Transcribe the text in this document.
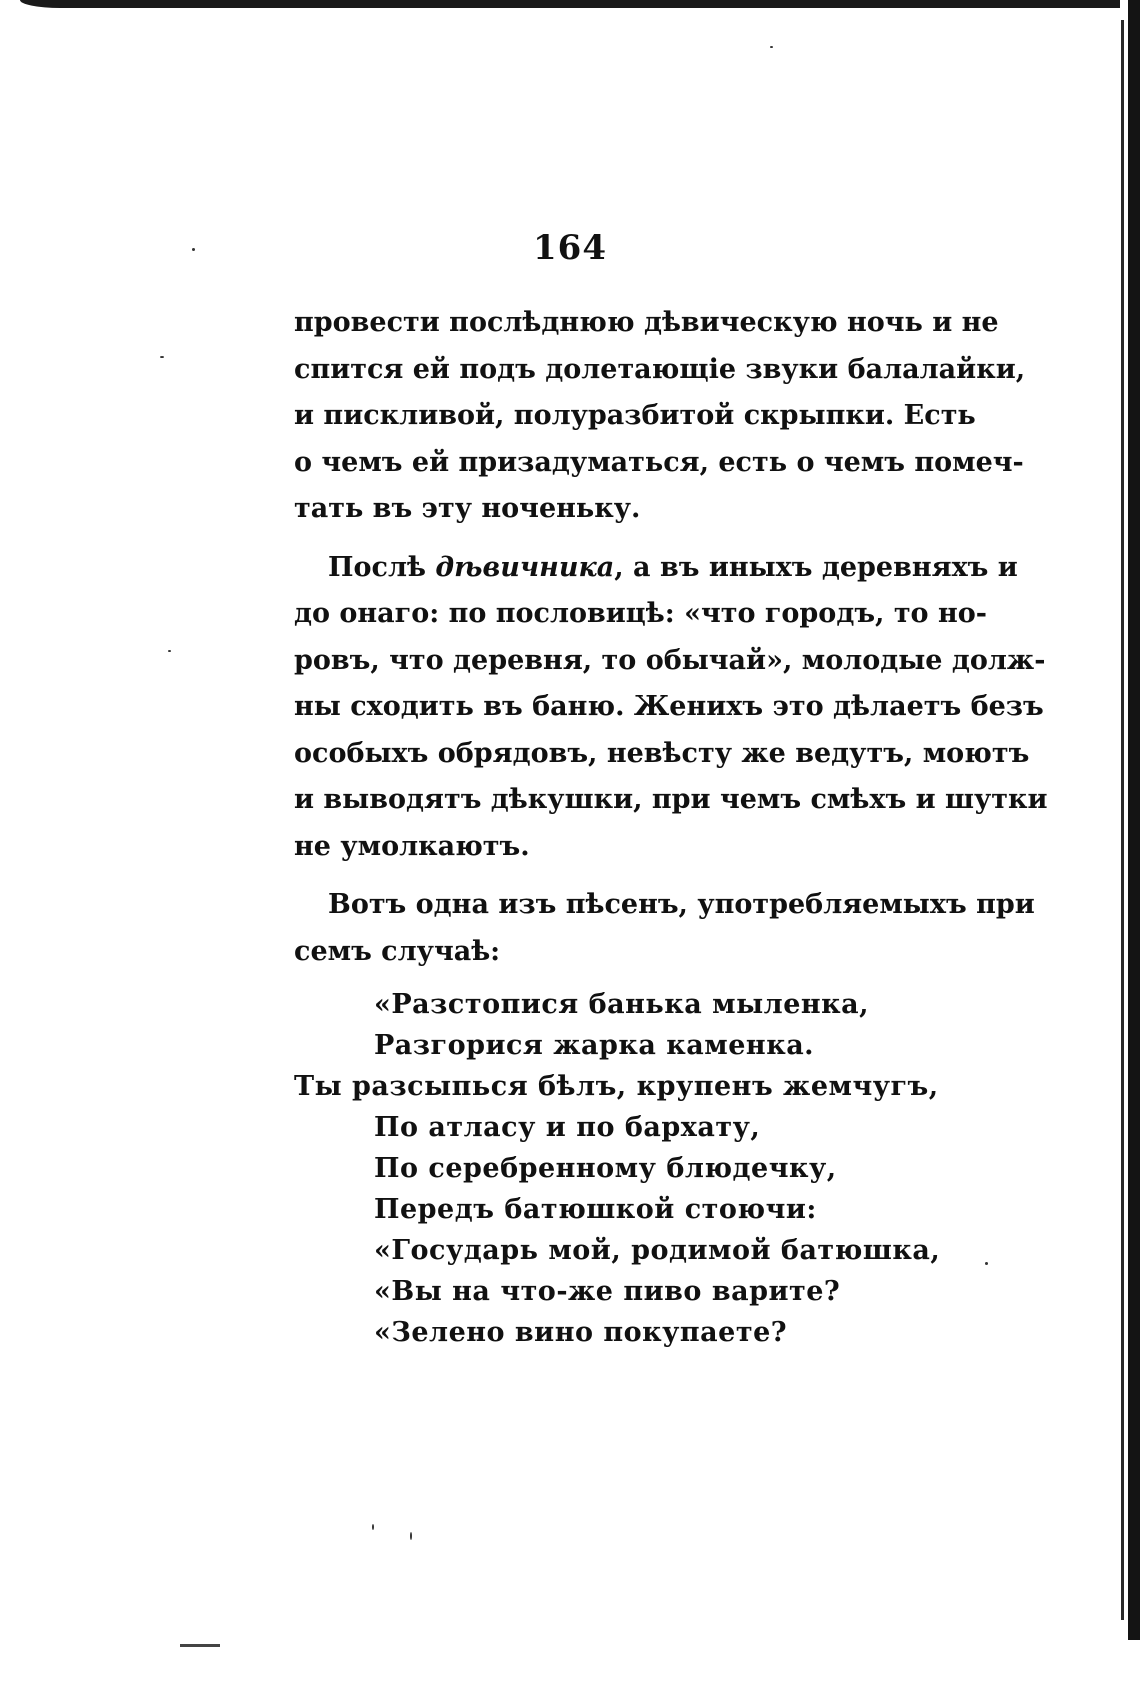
164
провести послѣднюю дѣвическую ночь и не
спится ей подъ долетающіе звуки балалайки,
и пискливой, полуразбитой скрыпки. Есть
о чемъ ей призадуматься, есть о чемъ помеч-
тать въ эту ноченьку.
Послѣ дѣвичника, а въ иныхъ деревняхъ и
до онаго: по пословицѣ: «что городъ, то но-
ровъ, что деревня, то обычай», молодые долж-
ны сходить въ баню. Женихъ это дѣлаетъ безъ
особыхъ обрядовъ, невѣсту же ведутъ, моютъ
и выводятъ дѣкушки, при чемъ смѣхъ и шутки
не умолкаютъ.
Вотъ одна изъ пѣсенъ, употребляемыхъ при
семъ случаѣ:
«Разстопися банька мыленка,
Разгорися жарка каменка.
Ты разсыпься бѣлъ, крупенъ жемчугъ,
По атласу и по бархату,
По серебренному блюдечку,
Передъ батюшкой стоючи:
«Государь мой, родимой батюшка,
«Вы на что-же пиво варите?
«Зелено вино покупаете?
